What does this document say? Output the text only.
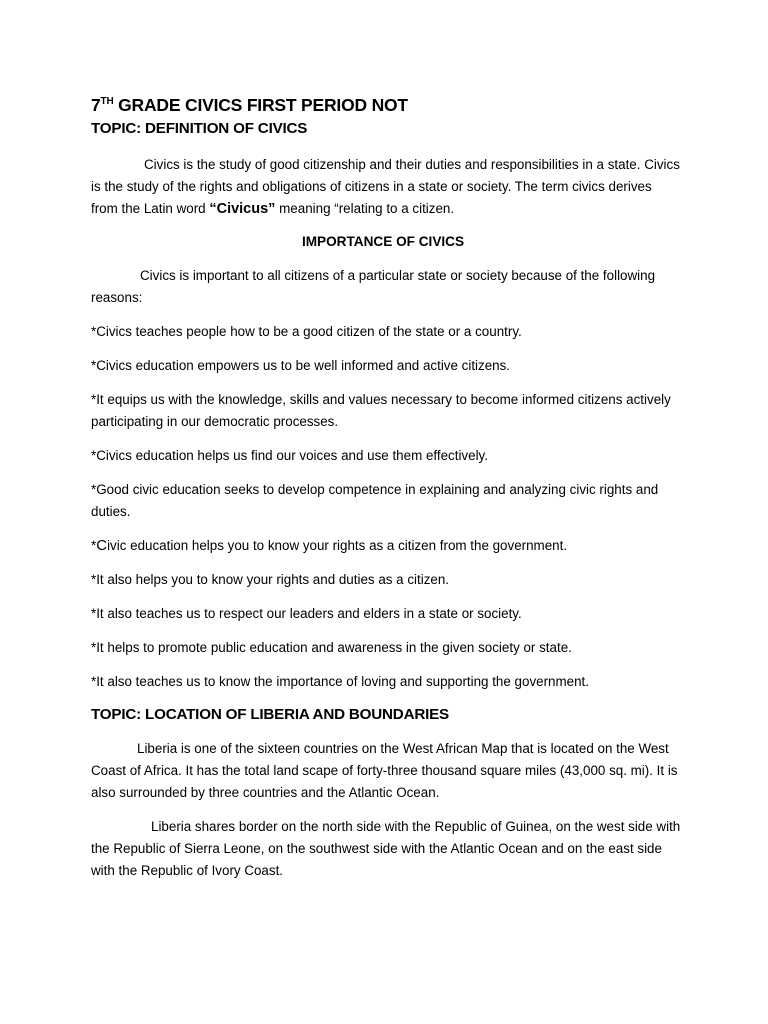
7TH GRADE CIVICS FIRST PERIOD NOT
TOPIC: DEFINITION OF CIVICS

Civics is the study of good citizenship and their duties and responsibilities in a state. Civics is the study of the rights and obligations of citizens in a state or society. The term civics derives from the Latin word “Civicus” meaning “relating to a citizen.

IMPORTANCE OF CIVICS

Civics is important to all citizens of a particular state or society because of the following reasons:

*Civics teaches people how to be a good citizen of the state or a country.

*Civics education empowers us to be well informed and active citizens.

*It equips us with the knowledge, skills and values necessary to become informed citizens actively participating in our democratic processes.

*Civics education helps us find our voices and use them effectively.

*Good civic education seeks to develop competence in explaining and analyzing civic rights and duties.

*Civic education helps you to know your rights as a citizen from the government.

*It also helps you to know your rights and duties as a citizen.

*It also teaches us to respect our leaders and elders in a state or society.

*It helps to promote public education and awareness in the given society or state.

*It also teaches us to know the importance of loving and supporting the government.

TOPIC: LOCATION OF LIBERIA AND BOUNDARIES

Liberia is one of the sixteen countries on the West African Map that is located on the West Coast of Africa. It has the total land scape of forty-three thousand square miles (43,000 sq. mi). It is also surrounded by three countries and the Atlantic Ocean.

Liberia shares border on the north side with the Republic of Guinea, on the west side with the Republic of Sierra Leone, on the southwest side with the Atlantic Ocean and on the east side with the Republic of Ivory Coast.
